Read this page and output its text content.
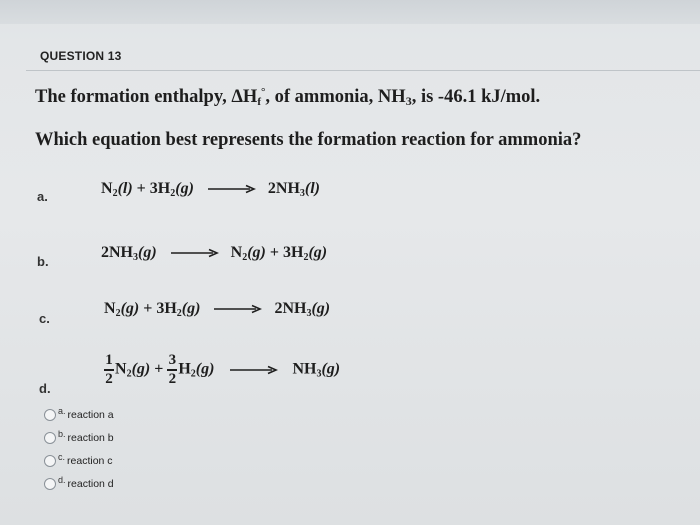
QUESTION 13
The formation enthalpy, $\Delta H_f^\circ$, of ammonia, $NH_3$, is -46.1 kJ/mol.
Which equation best represents the formation reaction for ammonia?
a.	$N_2(l) + 3H_2(g) \to 2NH_3(l)$
b.
$2NH_3(g) \to N_2(g) + 3H_2(g)$
c.
$N_2(g) + 3H_2(g) \to 2NH_3(g)$
d.
$\frac{1}{2} N_2(g) + \frac{3}{2} H_2(g) \to NH_3(g)$
a. reaction a
b. reaction b
c. reaction c
d. reaction d
